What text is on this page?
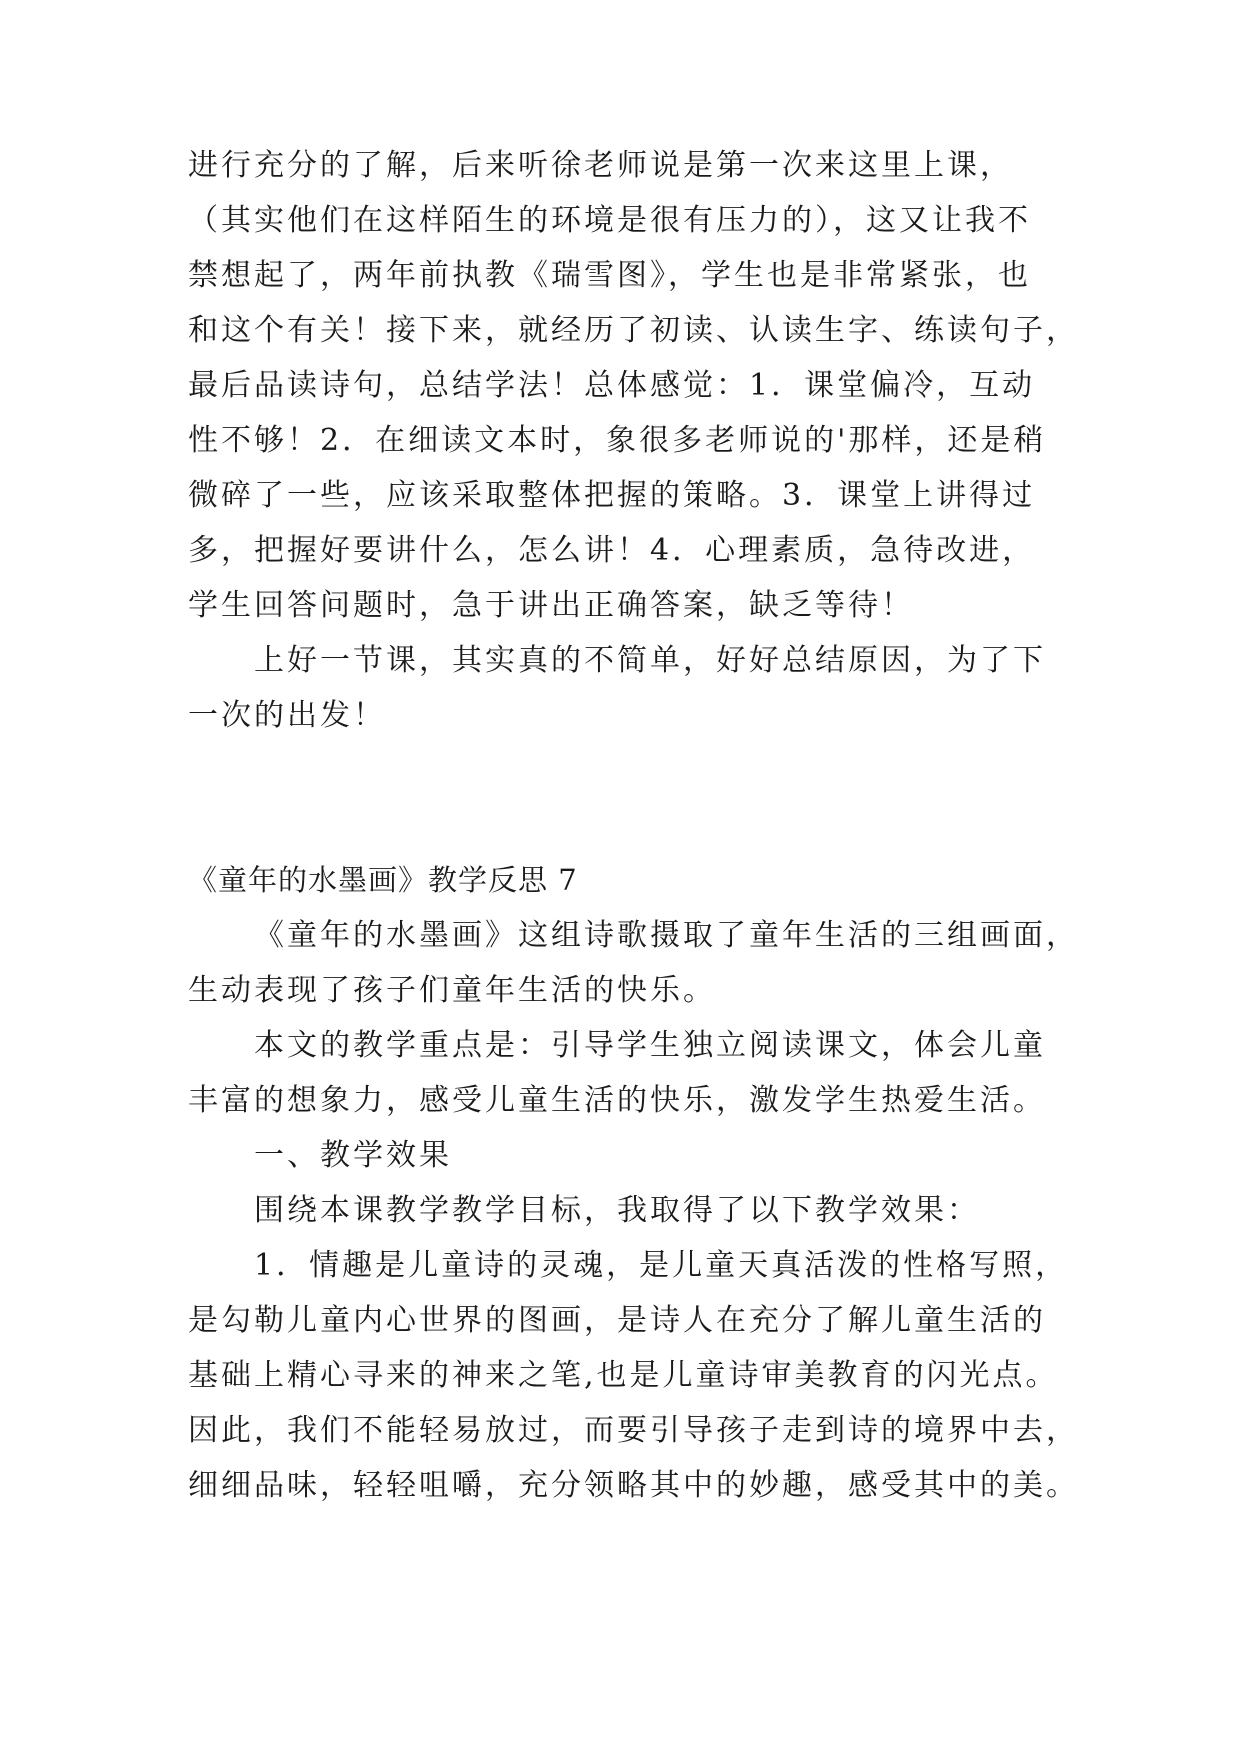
进行充分的了解，后来听徐老师说是第一次来这里上课，
（其实他们在这样陌生的环境是很有压力的），这又让我不
禁想起了，两年前执教《瑞雪图》，学生也是非常紧张，也
和这个有关！接下来，就经历了初读、认读生字、练读句子，
最后品读诗句，总结学法！总体感觉：1．课堂偏冷，互动
性不够！2．在细读文本时，象很多老师说的'那样，还是稍
微碎了一些，应该采取整体把握的策略。3．课堂上讲得过
多，把握好要讲什么，怎么讲！4．心理素质，急待改进，
学生回答问题时，急于讲出正确答案，缺乏等待！
上好一节课，其实真的不简单，好好总结原因，为了下
一次的出发！
《童年的水墨画》教学反思 7
《童年的水墨画》这组诗歌摄取了童年生活的三组画面，
生动表现了孩子们童年生活的快乐。
本文的教学重点是：引导学生独立阅读课文，体会儿童
丰富的想象力，感受儿童生活的快乐，激发学生热爱生活。
一、教学效果
围绕本课教学教学目标，我取得了以下教学效果：
1．情趣是儿童诗的灵魂，是儿童天真活泼的性格写照，
是勾勒儿童内心世界的图画，是诗人在充分了解儿童生活的
基础上精心寻来的神来之笔,也是儿童诗审美教育的闪光点。
因此，我们不能轻易放过，而要引导孩子走到诗的境界中去，
细细品味，轻轻咀嚼，充分领略其中的妙趣，感受其中的美。
